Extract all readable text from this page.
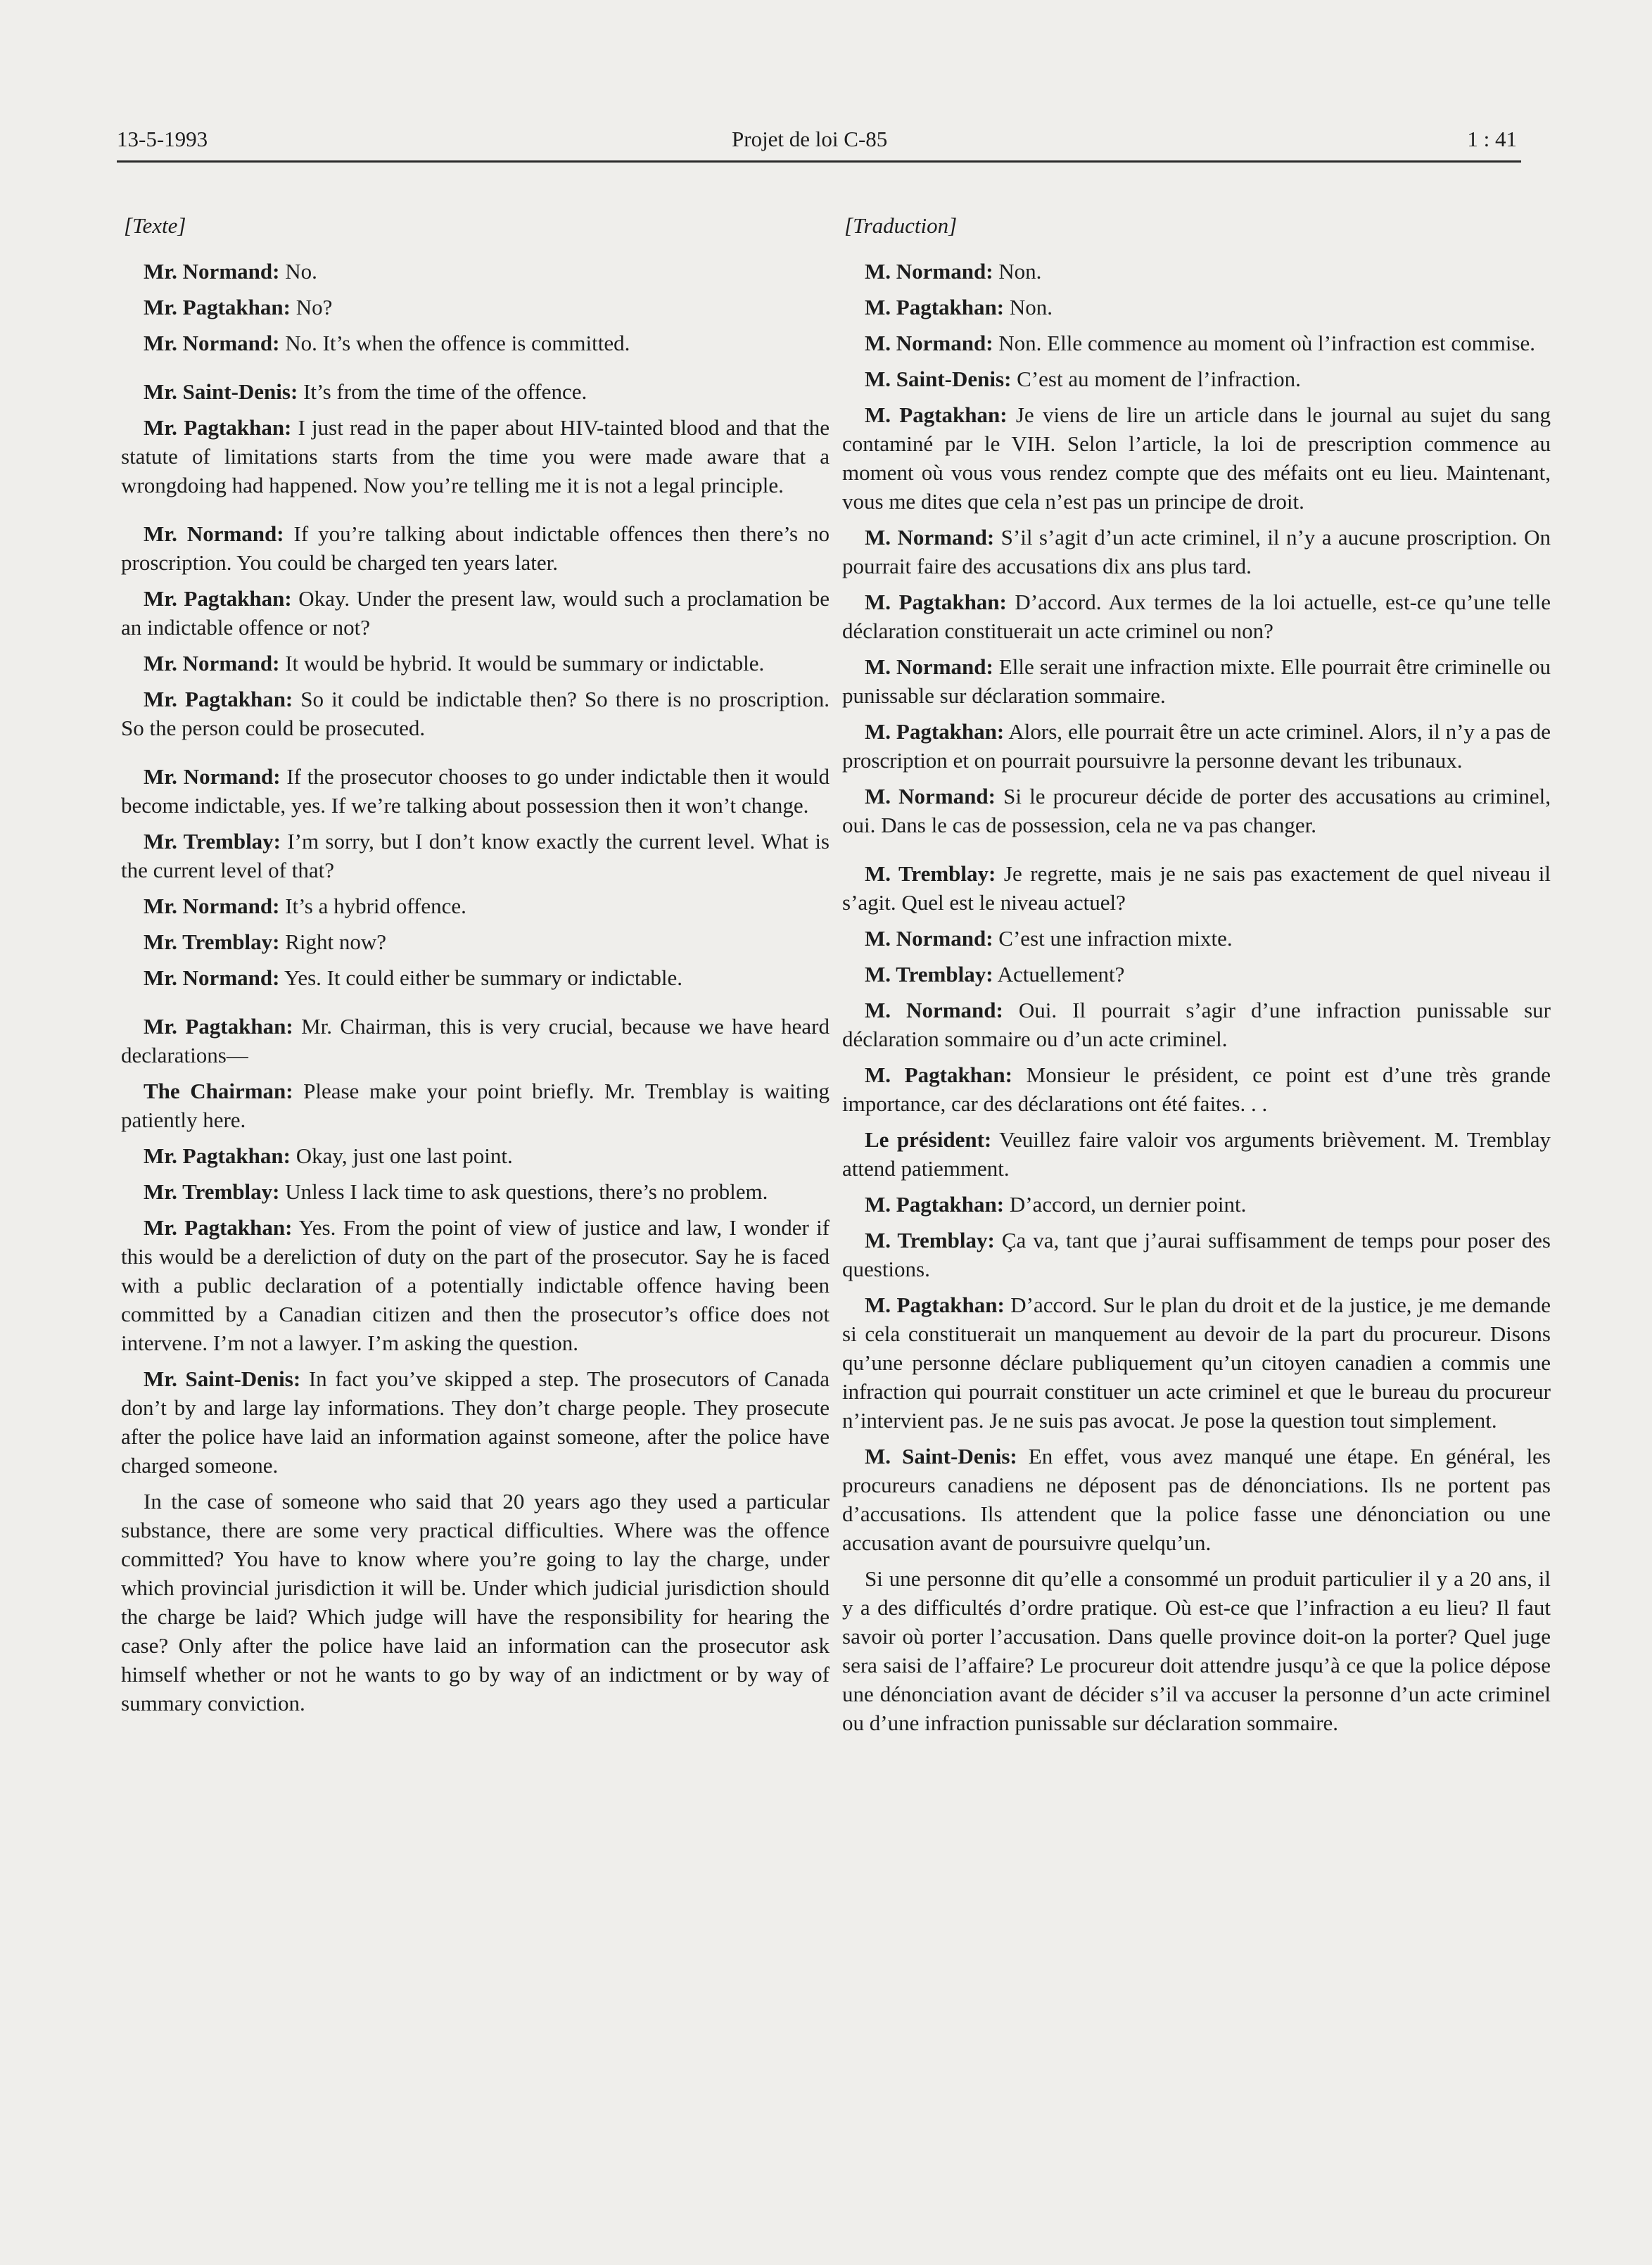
13-5-1993	Projet de loi C-85	1 : 41
[Texte]

Mr. Normand: No.

Mr. Pagtakhan: No?

Mr. Normand: No. It’s when the offence is committed.

Mr. Saint-Denis: It’s from the time of the offence.

Mr. Pagtakhan: I just read in the paper about HIV-tainted blood and that the statute of limitations starts from the time you were made aware that a wrongdoing had happened. Now you’re telling me it is not a legal principle.

Mr. Normand: If you’re talking about indictable offences then there’s no proscription. You could be charged ten years later.

Mr. Pagtakhan: Okay. Under the present law, would such a proclamation be an indictable offence or not?

Mr. Normand: It would be hybrid. It would be summary or indictable.

Mr. Pagtakhan: So it could be indictable then? So there is no proscription. So the person could be prosecuted.

Mr. Normand: If the prosecutor chooses to go under indictable then it would become indictable, yes. If we’re talking about possession then it won’t change.

Mr. Tremblay: I’m sorry, but I don’t know exactly the current level. What is the current level of that?

Mr. Normand: It’s a hybrid offence.

Mr. Tremblay: Right now?

Mr. Normand: Yes. It could either be summary or indictable.

Mr. Pagtakhan: Mr. Chairman, this is very crucial, because we have heard declarations—

The Chairman: Please make your point briefly. Mr. Tremblay is waiting patiently here.

Mr. Pagtakhan: Okay, just one last point.

Mr. Tremblay: Unless I lack time to ask questions, there’s no problem.

Mr. Pagtakhan: Yes. From the point of view of justice and law, I wonder if this would be a dereliction of duty on the part of the prosecutor. Say he is faced with a public declaration of a potentially indictable offence having been committed by a Canadian citizen and then the prosecutor’s office does not intervene. I’m not a lawyer. I’m asking the question.

Mr. Saint-Denis: In fact you’ve skipped a step. The prosecutors of Canada don’t by and large lay informations. They don’t charge people. They prosecute after the police have laid an information against someone, after the police have charged someone.

In the case of someone who said that 20 years ago they used a particular substance, there are some very practical difficulties. Where was the offence committed? You have to know where you’re going to lay the charge, under which provincial jurisdiction it will be. Under which judicial jurisdiction should the charge be laid? Which judge will have the responsibility for hearing the case? Only after the police have laid an information can the prosecutor ask himself whether or not he wants to go by way of an indictment or by way of summary conviction.

[Traduction]

M. Normand: Non.

M. Pagtakhan: Non.

M. Normand: Non. Elle commence au moment où l’infraction est commise.

M. Saint-Denis: C’est au moment de l’infraction.

M. Pagtakhan: Je viens de lire un article dans le journal au sujet du sang contaminé par le VIH. Selon l’article, la loi de prescription commence au moment où vous vous rendez compte que des méfaits ont eu lieu. Maintenant, vous me dites que cela n’est pas un principe de droit.

M. Normand: S’il s’agit d’un acte criminel, il n’y a aucune proscription. On pourrait faire des accusations dix ans plus tard.

M. Pagtakhan: D’accord. Aux termes de la loi actuelle, est-ce qu’une telle déclaration constituerait un acte criminel ou non?

M. Normand: Elle serait une infraction mixte. Elle pourrait être criminelle ou punissable sur déclaration sommaire.

M. Pagtakhan: Alors, elle pourrait être un acte criminel. Alors, il n’y a pas de proscription et on pourrait poursuivre la personne devant les tribunaux.

M. Normand: Si le procureur décide de porter des accusations au criminel, oui. Dans le cas de possession, cela ne va pas changer.

M. Tremblay: Je regrette, mais je ne sais pas exactement de quel niveau il s’agit. Quel est le niveau actuel?

M. Normand: C’est une infraction mixte.

M. Tremblay: Actuellement?

M. Normand: Oui. Il pourrait s’agir d’une infraction punissable sur déclaration sommaire ou d’un acte criminel.

M. Pagtakhan: Monsieur le président, ce point est d’une très grande importance, car des déclarations ont été faites. . .

Le président: Veuillez faire valoir vos arguments brièvement. M. Tremblay attend patiemment.

M. Pagtakhan: D’accord, un dernier point.

M. Tremblay: Ça va, tant que j’aurai suffisamment de temps pour poser des questions.

M. Pagtakhan: D’accord. Sur le plan du droit et de la justice, je me demande si cela constituerait un manquement au devoir de la part du procureur. Disons qu’une personne déclare publiquement qu’un citoyen canadien a commis une infraction qui pourrait constituer un acte criminel et que le bureau du procureur n’intervient pas. Je ne suis pas avocat. Je pose la question tout simplement.

M. Saint-Denis: En effet, vous avez manqué une étape. En général, les procureurs canadiens ne déposent pas de dénonciations. Ils ne portent pas d’accusations. Ils attendent que la police fasse une dénonciation ou une accusation avant de poursuivre quelqu’un.

Si une personne dit qu’elle a consommé un produit particulier il y a 20 ans, il y a des difficultés d’ordre pratique. Où est-ce que l’infraction a eu lieu? Il faut savoir où porter l’accusation. Dans quelle province doit-on la porter? Quel juge sera saisi de l’affaire? Le procureur doit attendre jusqu’à ce que la police dépose une dénonciation avant de décider s’il va accuser la personne d’un acte criminel ou d’une infraction punissable sur déclaration sommaire.
